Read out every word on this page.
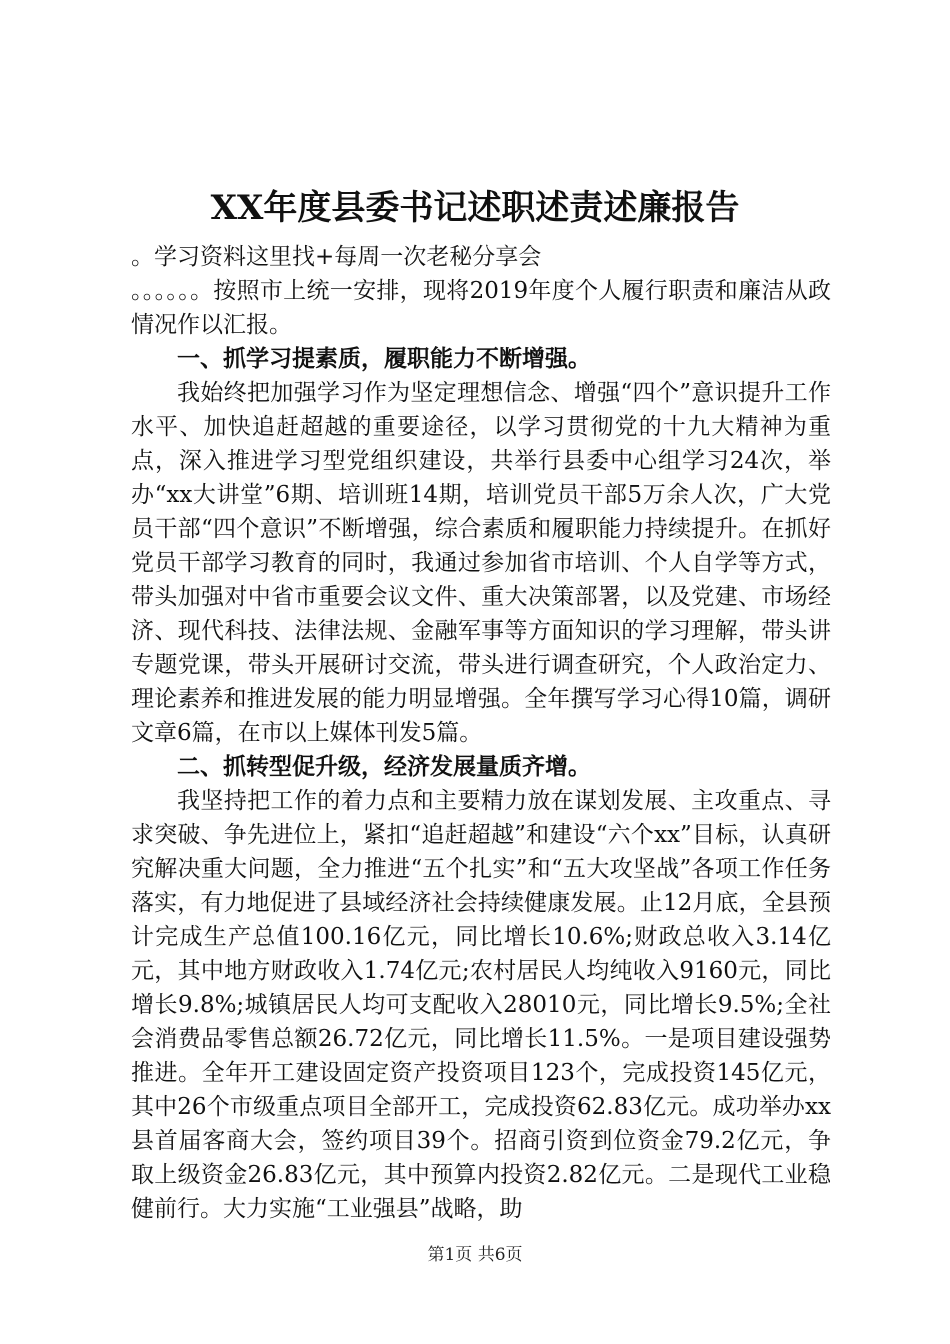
XX年度县委书记述职述责述廉报告

。学习资料这里找+每周一次老秘分享会

。。。。。。按照市上统一安排，现将2019年度个人履行职责和廉洁从政情况作以汇报。

一、抓学习提素质，履职能力不断增强。

我始终把加强学习作为坚定理想信念、增强“四个”意识提升工作水平、加快追赶超越的重要途径，以学习贯彻党的十九大精神为重点，深入推进学习型党组织建设，共举行县委中心组学习24次，举办“xx大讲堂”6期、培训班14期，培训党员干部5万余人次，广大党员干部“四个意识”不断增强，综合素质和履职能力持续提升。在抓好党员干部学习教育的同时，我通过参加省市培训、个人自学等方式，带头加强对中省市重要会议文件、重大决策部署，以及党建、市场经济、现代科技、法律法规、金融军事等方面知识的学习理解，带头讲专题党课，带头开展研讨交流，带头进行调查研究，个人政治定力、理论素养和推进发展的能力明显增强。全年撰写学习心得10篇，调研文章6篇，在市以上媒体刊发5篇。

二、抓转型促升级，经济发展量质齐增。

我坚持把工作的着力点和主要精力放在谋划发展、主攻重点、寻求突破、争先进位上，紧扣“追赶超越”和建设“六个xx”目标，认真研究解决重大问题，全力推进“五个扎实”和“五大攻坚战”各项工作任务落实，有力地促进了县域经济社会持续健康发展。止12月底，全县预计完成生产总值100.16亿元，同比增长10.6%;财政总收入3.14亿元，其中地方财政收入1.74亿元;农村居民人均纯收入9160元，同比增长9.8%;城镇居民人均可支配收入28010元，同比增长9.5%;全社会消费品零售总额26.72亿元，同比增长11.5%。一是项目建设强势推进。全年开工建设固定资产投资项目123个，完成投资145亿元，其中26个市级重点项目全部开工，完成投资62.83亿元。成功举办xx县首届客商大会，签约项目39个。招商引资到位资金79.2亿元，争取上级资金26.83亿元，其中预算内投资2.82亿元。二是现代工业稳健前行。大力实施“工业强县”战略，助

第1页 共6页
